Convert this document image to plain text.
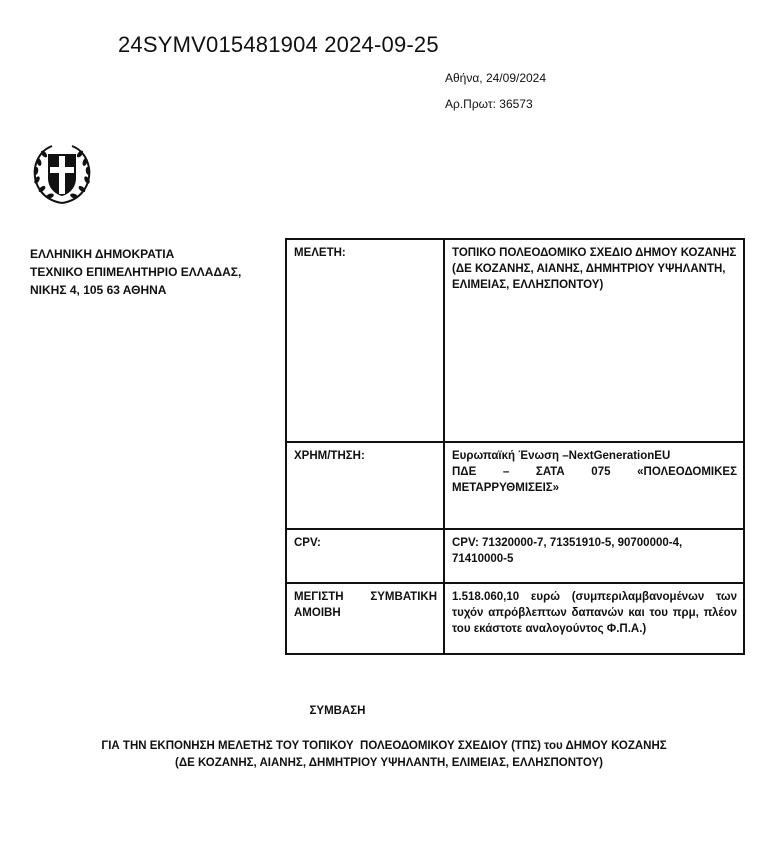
24SYMV015481904 2024-09-25
Αθήνα, 24/09/2024
Αρ.Πρωτ: 36573
ΕΛΛΗΝΙΚΗ ΔΗΜΟΚΡΑΤΙΑ
ΤΕΧΝΙΚΟ ΕΠΙΜΕΛΗΤΗΡΙΟ ΕΛΛΑΔΑΣ,
ΝΙΚΗΣ 4, 105 63 ΑΘΗΝΑ
ΜΕΛΕΤΗ:	ΤΟΠΙΚΟ ΠΟΛΕΟΔΟΜΙΚΟ ΣΧΕΔΙΟ ΔΗΜΟΥ ΚΟΖΑΝΗΣ (ΔΕ ΚΟΖΑΝΗΣ, ΑΙΑΝΗΣ, ΔΗΜΗΤΡΙΟΥ ΥΨΗΛΑΝΤΗ, ΕΛΙΜΕΙΑΣ, ΕΛΛΗΣΠΟΝΤΟΥ)
ΧΡΗΜ/ΤΗΣΗ:	Ευρωπαϊκή Ένωση –NextGenerationEU
ΠΔΕ – ΣΑΤΑ 075 «ΠΟΛΕΟΔΟΜΙΚΕΣ ΜΕΤΑΡΡΥΘΜΙΣΕΙΣ»

CPV:	CPV: 71320000-7, 71351910-5, 90700000-4, 71410000-5
ΜΕΓΙΣΤΗ ΣΥΜΒΑΤΙΚΗ ΑΜΟΙΒΗ	1.518.060,10 ευρώ (συμπεριλαμβανομένων των τυχόν απρόβλεπτων δαπανών και του πρμ, πλέον του εκάστοτε αναλογούντος Φ.Π.Α.)
ΣΥΜΒΑΣΗ
ΓΙΑ ΤΗΝ ΕΚΠΟΝΗΣΗ ΜΕΛΕΤΗΣ ΤΟΥ ΤΟΠΙΚΟΥ  ΠΟΛΕΟΔΟΜΙΚΟΥ ΣΧΕΔΙΟΥ (ΤΠΣ) του ΔΗΜΟΥ ΚΟΖΑΝΗΣ
(ΔΕ ΚΟΖΑΝΗΣ, ΑΙΑΝΗΣ, ΔΗΜΗΤΡΙΟΥ ΥΨΗΛΑΝΤΗ, ΕΛΙΜΕΙΑΣ, ΕΛΛΗΣΠΟΝΤΟΥ)
